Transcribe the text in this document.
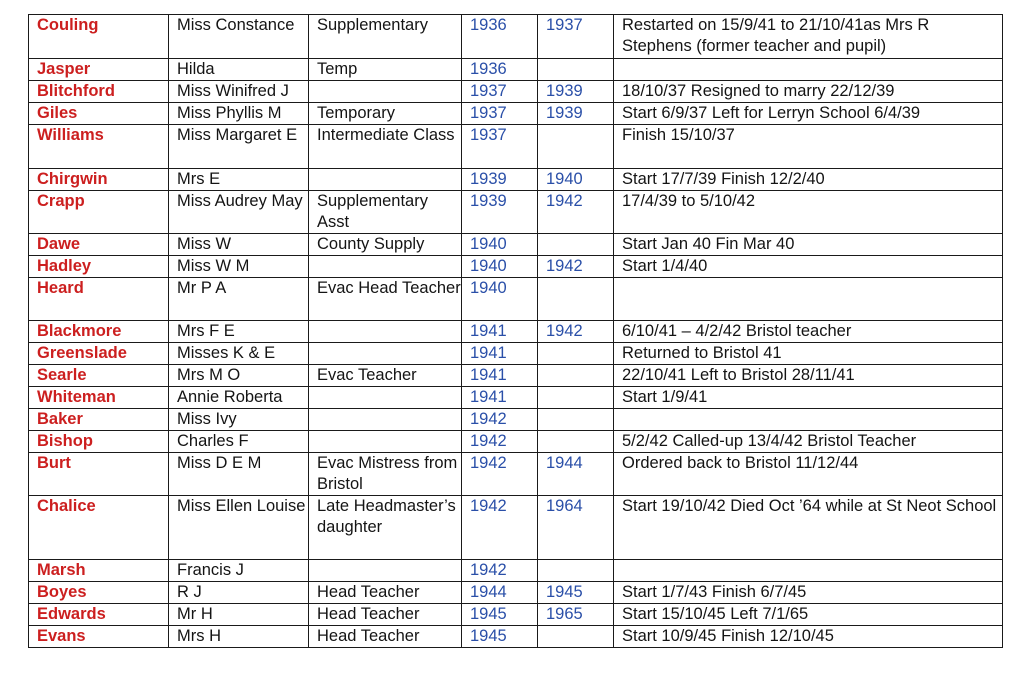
Couling	Miss Constance	Supplementary	1936	1937	Restarted on 15/9/41 to 21/10/41as Mrs R Stephens (former teacher and pupil)
Jasper	Hilda	Temp	1936		
Blitchford	Miss Winifred J		1937	1939	18/10/37 Resigned to marry 22/12/39
Giles	Miss Phyllis M	Temporary	1937	1939	Start 6/9/37 Left for Lerryn School 6/4/39
Williams	Miss Margaret E	Intermediate Class	1937		Finish 15/10/37
Chirgwin	Mrs E		1939	1940	Start 17/7/39 Finish 12/2/40
Crapp	Miss Audrey May	Supplementary Asst	1939	1942	17/4/39 to 5/10/42
Dawe	Miss W	County Supply	1940		Start Jan 40 Fin Mar 40
Hadley	Miss W M		1940	1942	Start 1/4/40
Heard	Mr P A	Evac Head Teacher	1940		
Blackmore	Mrs F E		1941	1942	6/10/41 – 4/2/42 Bristol teacher
Greenslade	Misses K & E		1941		Returned to Bristol 41
Searle	Mrs M O	Evac Teacher	1941		22/10/41 Left to Bristol 28/11/41
Whiteman	Annie Roberta		1941		Start 1/9/41
Baker	Miss Ivy		1942		
Bishop	Charles F		1942		5/2/42 Called-up 13/4/42 Bristol Teacher
Burt	Miss D E M	Evac Mistress from Bristol	1942	1944	Ordered back to Bristol 11/12/44
Chalice	Miss Ellen Louise	Late Headmaster’s daughter	1942	1964	Start 19/10/42 Died Oct ’64 while at St Neot School
Marsh	Francis J		1942		
Boyes	R J	Head Teacher	1944	1945	Start 1/7/43 Finish 6/7/45
Edwards	Mr H	Head Teacher	1945	1965	Start 15/10/45 Left 7/1/65
Evans	Mrs H	Head Teacher	1945		Start 10/9/45 Finish 12/10/45
